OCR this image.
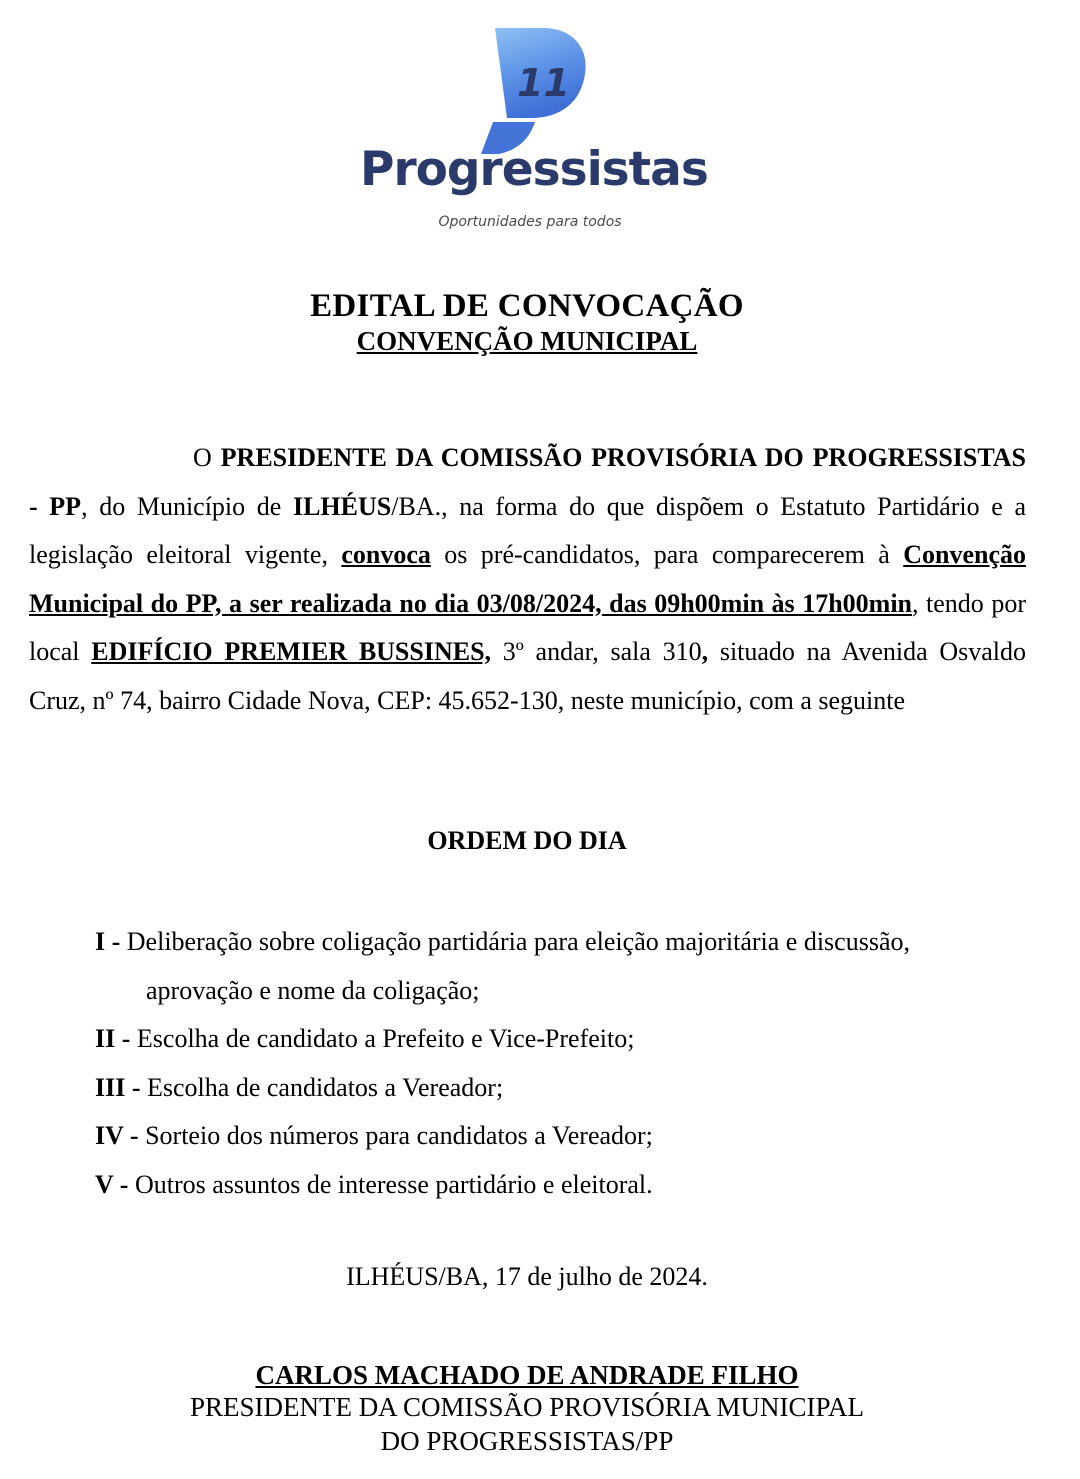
11
Progressistas
Oportunidades para todos
EDITAL DE CONVOCAÇÃO
CONVENÇÃO MUNICIPAL
O PRESIDENTE DA COMISSÃO PROVISÓRIA DO PROGRESSISTAS - PP, do Município de ILHÉUS/BA., na forma do que dispõem o Estatuto Partidário e a legislação eleitoral vigente, convoca os pré-candidatos, para comparecerem à Convenção Municipal do PP, a ser realizada no dia 03/08/2024, das 09h00min às 17h00min, tendo por local EDIFÍCIO PREMIER BUSSINES, 3º andar, sala 310, situado na Avenida Osvaldo Cruz, nº 74, bairro Cidade Nova, CEP: 45.652-130, neste município, com a seguinte
ORDEM DO DIA
I - Deliberação sobre coligação partidária para eleição majoritária e discussão,
aprovação e nome da coligação;
II - Escolha de candidato a Prefeito e Vice-Prefeito;
III - Escolha de candidatos a Vereador;
IV - Sorteio dos números para candidatos a Vereador;
V - Outros assuntos de interesse partidário e eleitoral.
ILHÉUS/BA, 17 de julho de 2024.
CARLOS MACHADO DE ANDRADE FILHO
PRESIDENTE DA COMISSÃO PROVISÓRIA MUNICIPAL
DO PROGRESSISTAS/PP
